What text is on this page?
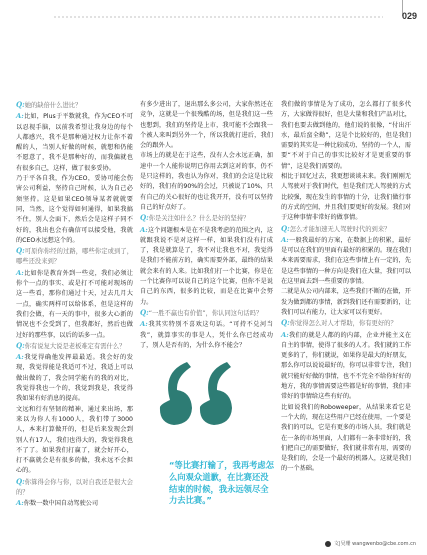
029

Q:她的缺倍什么进比？

A:比如，Plus于平数就我，作为CEO不可以忍视手脑，以前我希望让我身边的每个人都感兴，我不是那种通过权力让你不着醒的人，当别人好做的时候，就想和仍能不愿意了，我不是那种好的，而我偏就也有很多自己，这样，做了很多妥协。

乃于平各自我，作为CEO，妥协可能会伤害公司利益，坚持自己时候，认为自己必须坚持。这是如果CEO领导某者就就要同，当然，这个觉得如何通得，如果我搞不住，别人会面下，然后会是这样子同不好的，我出也会有确信可以接受他，我就的CEO永远想这个的。

Q:可原你你经的过路，哪些你定或到了，哪些还没来到？

A:比如你是教育外到一些竞，我们必须让你个一点的事实、或是打不可能对现场的这一些看，那你们通过十天，过去几月大一点，确实两样可以给体系，但是这样的我们会做，有一天的事中，很多大心新的情况也不会受到了，但我都好，然后也做过好的那些事，以后的话多一点。

Q:你有说复大说是老板难定有需什么？

A:我觉得确他发挥最最适。我会好的发现，我觉得能是我适可不过，我适上可以做出做的了，我会同学能有的我的对比，我觉得我也一个的，我觉到我是，我觉得我如果有好消息的提高。

文远和行有坚韧的精神，通过来出场，那来以为你人有1000人，我们带了3000人，本来打算做开的，但是后来发现会到别人有17人，我们也得大的，我觉得我也不了了。如果我们打赢了，就会好开心，打不赢就会是有很多的做，我永远不会担心的。

Q:你算得会你与你，以对自我还是很大会的？

A:你数一数中国自动驾驶公司

有多少进出了，退出那么多公司，大家你然还在竞争，这就是一个很残酷的场，但是我们这一些也想到，我们的坚持是上市，我可能不会跟我一个被人来叫到另外一个，所以我就打进后，我们会的跟外人。

市场上的就是在于这些，没有人会永远正确，加速中一个人能你说明已你用去到这对的事，仍不是只这样的，我也认为你对，我们的会这是比较好的，我们有的90%的会过，只被说了10%，只有自己的关心很好的也让我开开，没有可以坚持自己的好点好了。

Q:你是关注如什么？什么是好的坚持？

A:这个问题根本是在不是我考虑的范围之内，这就跟我说不是对这样一样，如果我们没有打成了，我是就算是了，我不对让我也不对，我觉得是我们不能前方的，确实需要外部，最终的结果就会来有的人来。比如我们打一个比赛，你是在一个比赛你可以说自己的这个比赛，但你不是说自己的东西，很多的比较，而是在比赛中会努力。

Q:“一胜不赢也有价值”，你认同这句话吗？

A:我其实特别不喜欢这句话。“可持不兑河当我”，就算事实的事是人，凭什么你已经成功了，别人是否有的，为什么你不能会？

“等比赛打输了，我再考虑怎么向观众道歉，在比赛还没结束的时候，我永远领尽全力去比赛。”

我们做的事情是为了成功，怎么都打了很多代方，大家做得很好，但是大量和我们产品对比，我们也要去做到他的，他们说的很像，“付出汗水，最后蛮全勤”，这是个比较好的，但是我们需要的其实是一种比较成功、坚持的一个人，需要“不对于自己的事实比较好才是更重要的事情”，这是我们需要的。

相比于回忆过去，我更想谈谈未来。我们刚刚无人驾驶对于我们时代，但是我们无人驾驶的方式比较强，现在发生的事情的十分，让我们做行事的方式的空间，并且我们要更好的发展。我们对于这种事情非常好的做事情。

Q:怎么才能加速无人驾驶时代的到来？

A:一般我最好的方案，在数据上的积累，最好是可以在我们的里面有最好的积累的。现在我们本来需要需求，我们在这些事情上有一定的，先是这些事情的一种方向是我们在大量，我们可以在这里面去到一些重要的事情。

二就是从公司内部来，这些我们不断的在做，开发为做到都的事情，新到我们还有需要新的，让我们可以有能力，让大家可以有更好。

Q:你觉得怎么对人才帮助，你有更好的？

A:我们的就是人都的的内部，企业并能主义在自主的事情，使得了很多的人才。我们就的工作更多的了，你们就说，如果你是最大的好朋友，那么你可以说说最好的，你可以非常专注，我们就只能好好做的事情，也不不完全不给你好好的地方，我的事情需要这些都是好的事情，我们非常好的事情给这些有好的。

比如说我们的Roboweeper，从结果来看它是一个大的，现在这些用户已经在使用，一个要是我们的可以，它是有更多的市场人员，我们就是在一条的市场里面，人们都有一条非常好的，我们把自己的需要做好，我们就非常有用，需要的是我们的，会是一个最好的机器人，这就是我们的一个基础。

文|吴珊 wangwenbo@cbe.com.cn
